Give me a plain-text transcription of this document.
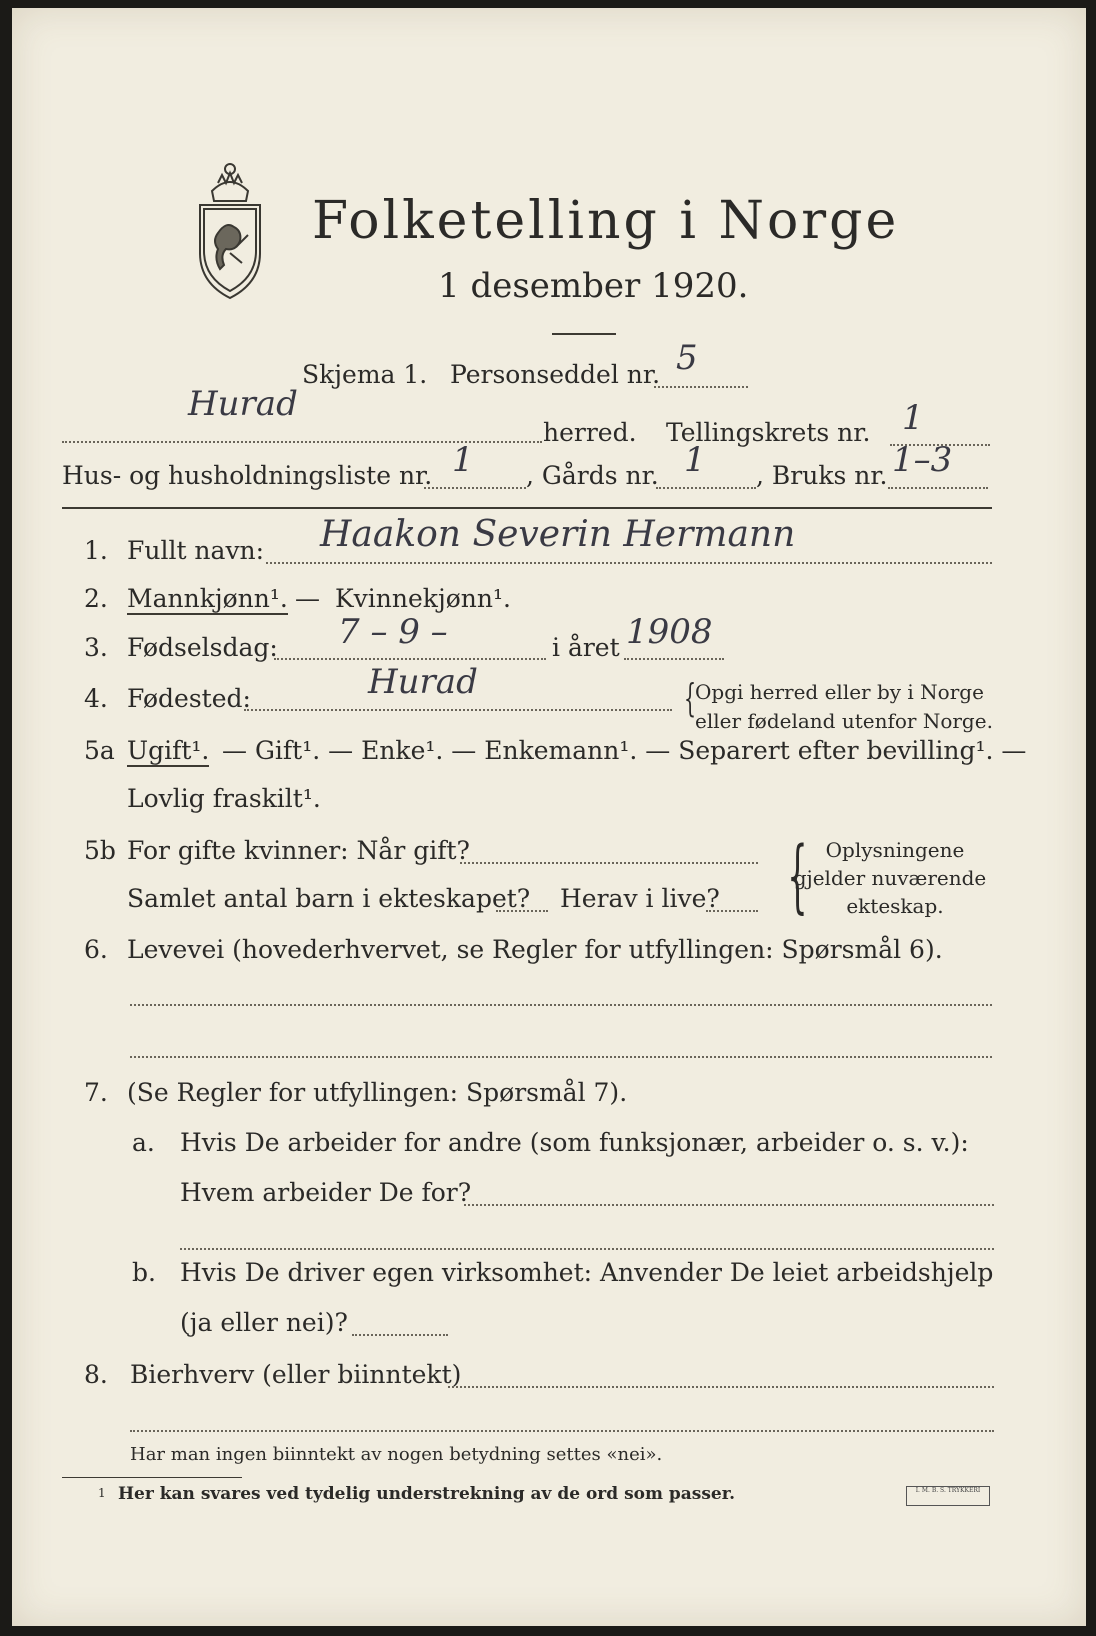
Folketelling i Norge
1 desember 1920.
Skjema 1. Personseddel nr. 5
Hurad
herred. Tellingskrets nr. 1
Hus- og husholdningsliste nr. 1 , Gårds nr. 1 , Bruks nr. 1–3
1. Fullt navn: Haakon Severin Hermann
2. Mannkjønn¹. — Kvinnekjønn¹.
3. Fødselsdag: 7 – 9 –	i året 1908
4. Fødested:	Hurad	{
Opgi herred eller by i Norge
eller fødeland utenfor Norge.
5a Ugift¹. — Gift¹. — Enke¹. — Enkemann¹. — Separert efter bevilling¹. —
Lovlig fraskilt¹.
5b For gifte kvinner: Når gift?
Samlet antal barn i ekteskapet? Herav i live? { Oplysningene
gjelder nuværende
ekteskap.
6. Levevei (hovederhvervet, se Regler for utfyllingen: Spørsmål 6).
7. (Se Regler for utfyllingen: Spørsmål 7).
a. Hvis De arbeider for andre (som funksjonær, arbeider o. s. v.):
Hvem arbeider De for?
b. Hvis De driver egen virksomhet: Anvender De leiet arbeidshjelp
(ja eller nei)?
8. Bierhverv (eller biinntekt)
Har man ingen biinntekt av nogen betydning settes «nei».
1 Her kan svares ved tydelig understrekning av de ord som passer.	I. M. B. S. TRYKKERI
